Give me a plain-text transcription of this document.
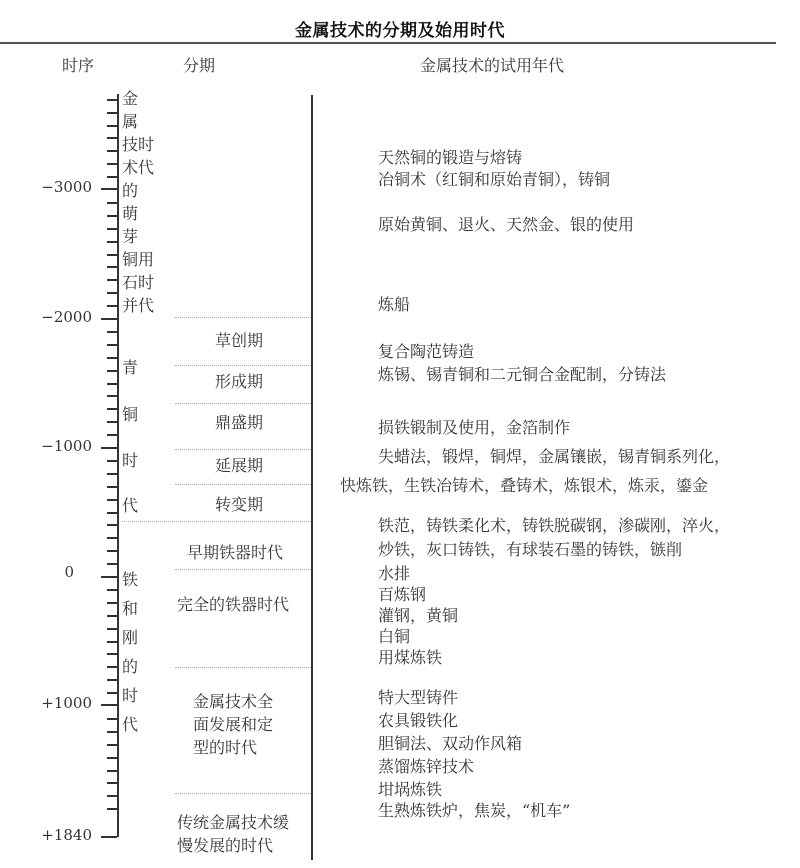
金属技术的分期及始用时代
时序	分期	金属技术的试用年代
−3000
−2000
−1000
0
+1000
+1840
金
属
技时
术代
的
萌
芽
铜用
石时
并代
青
铜
时
代
铁
和
刚
的
时
代
草创期
形成期
鼎盛期
延展期
转变期
早期铁器时代
完全的铁器时代
金属技术全
面发展和定
型的时代
传统金属技术缓
慢发展的时代
天然铜的锻造与熔铸
冶铜术（红铜和原始青铜），铸铜
原始黄铜、退火、天然金、银的使用
炼船
复合陶范铸造
炼锡、锡青铜和二元铜合金配制，分铸法
损铁锻制及使用，金箔制作
失蜡法，锻焊，铜焊，金属镶嵌，锡青铜系列化，
快炼铁，生铁冶铸术，叠铸术，炼银术，炼汞，鎏金
铁范，铸铁柔化术，铸铁脱碳钢，渗碳刚，淬火，
炒铁，灰口铸铁，有球装石墨的铸铁，镞削
水排
百炼钢
灌钢，黄铜
白铜
用煤炼铁
特大型铸件
农具锻铁化
胆铜法、双动作风箱
蒸馏炼锌技术
坩埚炼铁
生熟炼铁炉，焦炭，“机车”
